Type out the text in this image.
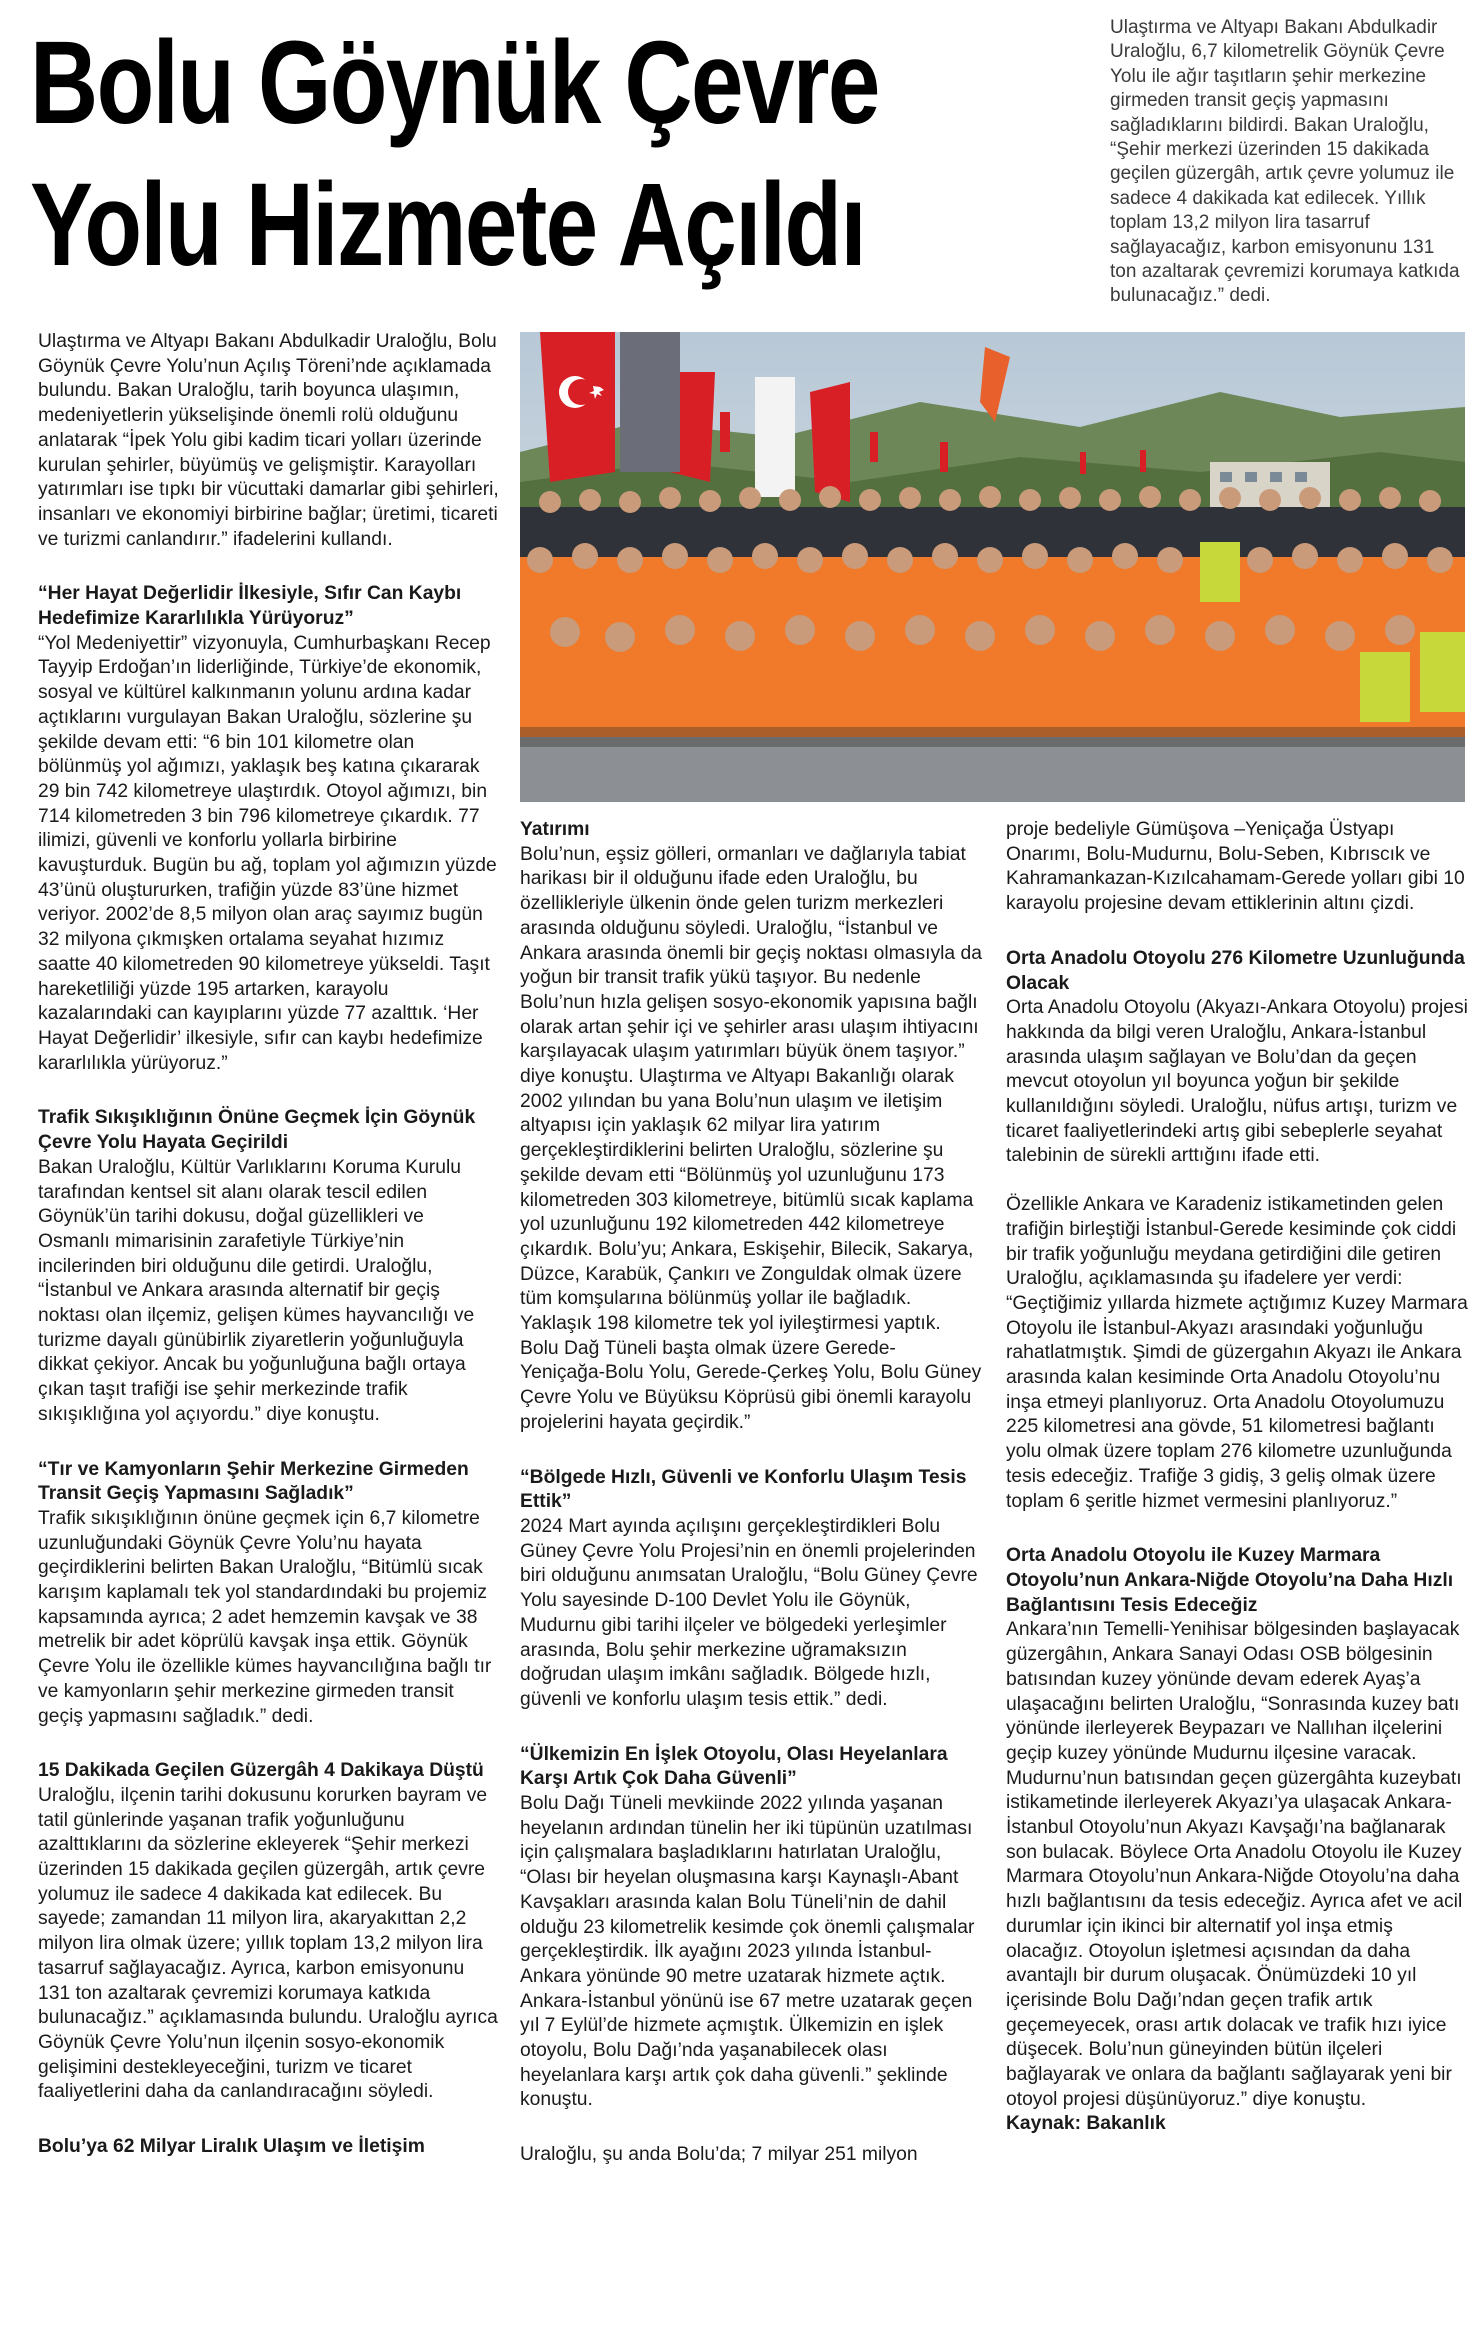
Bolu Göynük Çevre
Yolu Hizmete Açıldı
Ulaştırma ve Altyapı Bakanı Abdulkadir Uraloğlu, 6,7 kilometrelik Göynük Çevre Yolu ile ağır taşıtların şehir merkezine girmeden transit geçiş yapmasını sağladıklarını bildirdi. Bakan Uraloğlu, “Şehir merkezi üzerinden 15 dakikada geçilen güzergâh, artık çevre yolumuz ile sadece 4 dakikada kat edilecek. Yıllık toplam 13,2 milyon lira tasarruf sağlayacağız, karbon emisyonunu 131 ton azaltarak çevremizi korumaya katkıda bulunacağız.” dedi.

Ulaştırma ve Altyapı Bakanı Abdulkadir Uraloğlu, Bolu Göynük Çevre Yolu’nun Açılış Töreni’nde açıklamada bulundu. Bakan Uraloğlu, tarih boyunca ulaşımın, medeniyetlerin yükselişinde önemli rolü olduğunu anlatarak “İpek Yolu gibi kadim ticari yolları üzerinde kurulan şehirler, büyümüş ve gelişmiştir. Karayolları yatırımları ise tıpkı bir vücuttaki damarlar gibi şehirleri, insanları ve ekonomiyi birbirine bağlar; üretimi, ticareti ve turizmi canlandırır.” ifadelerini kullandı.

“Her Hayat Değerlidir İlkesiyle, Sıfır Can Kaybı Hedefimize Kararlılıkla Yürüyoruz”

“Yol Medeniyettir” vizyonuyla, Cumhurbaşkanı Recep Tayyip Erdoğan’ın liderliğinde, Türkiye’de ekonomik, sosyal ve kültürel kalkınmanın yolunu ardına kadar açtıklarını vurgulayan Bakan Uraloğlu, sözlerine şu şekilde devam etti: “6 bin 101 kilometre olan bölünmüş yol ağımızı, yaklaşık beş katına çıkararak 29 bin 742 kilometreye ulaştırdık. Otoyol ağımızı, bin 714 kilometreden 3 bin 796 kilometreye çıkardık. 77 ilimizi, güvenli ve konforlu yollarla birbirine kavuşturduk. Bugün bu ağ, toplam yol ağımızın yüzde 43’ünü oluştururken, trafiğin yüzde 83’üne hizmet veriyor. 2002’de 8,5 milyon olan araç sayımız bugün 32 milyona çıkmışken ortalama seyahat hızımız saatte 40 kilometreden 90 kilometreye yükseldi. Taşıt hareketliliği yüzde 195 artarken, karayolu kazalarındaki can kayıplarını yüzde 77 azalttık. ‘Her Hayat Değerlidir’ ilkesiyle, sıfır can kaybı hedefimize kararlılıkla yürüyoruz.”

Trafik Sıkışıklığının Önüne Geçmek İçin Göynük Çevre Yolu Hayata Geçirildi

Bakan Uraloğlu, Kültür Varlıklarını Koruma Kurulu tarafından kentsel sit alanı olarak tescil edilen Göynük’ün tarihi dokusu, doğal güzellikleri ve Osmanlı mimarisinin zarafetiyle Türkiye’nin incilerinden biri olduğunu dile getirdi. Uraloğlu, “İstanbul ve Ankara arasında alternatif bir geçiş noktası olan ilçemiz, gelişen kümes hayvancılığı ve turizme dayalı günübirlik ziyaretlerin yoğunluğuyla dikkat çekiyor. Ancak bu yoğunluğuna bağlı ortaya çıkan taşıt trafiği ise şehir merkezinde trafik sıkışıklığına yol açıyordu.” diye konuştu.

“Tır ve Kamyonların Şehir Merkezine Girmeden Transit Geçiş Yapmasını Sağladık”

Trafik sıkışıklığının önüne geçmek için 6,7 kilometre uzunluğundaki Göynük Çevre Yolu’nu hayata geçirdiklerini belirten Bakan Uraloğlu, “Bitümlü sıcak karışım kaplamalı tek yol standardındaki bu projemiz kapsamında ayrıca; 2 adet hemzemin kavşak ve 38 metrelik bir adet köprülü kavşak inşa ettik. Göynük Çevre Yolu ile özellikle kümes hayvancılığına bağlı tır ve kamyonların şehir merkezine girmeden transit geçiş yapmasını sağladık.” dedi.

15 Dakikada Geçilen Güzergâh 4 Dakikaya Düştü

Uraloğlu, ilçenin tarihi dokusunu korurken bayram ve tatil günlerinde yaşanan trafik yoğunluğunu azalttıklarını da sözlerine ekleyerek “Şehir merkezi üzerinden 15 dakikada geçilen güzergâh, artık çevre yolumuz ile sadece 4 dakikada kat edilecek. Bu sayede; zamandan 11 milyon lira, akaryakıttan 2,2 milyon lira olmak üzere; yıllık toplam 13,2 milyon lira tasarruf sağlayacağız. Ayrıca, karbon emisyonunu 131 ton azaltarak çevremizi korumaya katkıda bulunacağız.” açıklamasında bulundu. Uraloğlu ayrıca Göynük Çevre Yolu’nun ilçenin sosyo-ekonomik gelişimini destekleyeceğini, turizm ve ticaret faaliyetlerini daha da canlandıracağını söyledi.

Bolu’ya 62 Milyar Liralık Ulaşım ve İletişim

Yatırımı

Bolu’nun, eşsiz gölleri, ormanları ve dağlarıyla tabiat harikası bir il olduğunu ifade eden Uraloğlu, bu özellikleriyle ülkenin önde gelen turizm merkezleri arasında olduğunu söyledi. Uraloğlu, “İstanbul ve Ankara arasında önemli bir geçiş noktası olmasıyla da yoğun bir transit trafik yükü taşıyor. Bu nedenle Bolu’nun hızla gelişen sosyo-ekonomik yapısına bağlı olarak artan şehir içi ve şehirler arası ulaşım ihtiyacını karşılayacak ulaşım yatırımları büyük önem taşıyor.” diye konuştu. Ulaştırma ve Altyapı Bakanlığı olarak 2002 yılından bu yana Bolu’nun ulaşım ve iletişim altyapısı için yaklaşık 62 milyar lira yatırım gerçekleştirdiklerini belirten Uraloğlu, sözlerine şu şekilde devam etti “Bölünmüş yol uzunluğunu 173 kilometreden 303 kilometreye, bitümlü sıcak kaplama yol uzunluğunu 192 kilometreden 442 kilometreye çıkardık. Bolu’yu; Ankara, Eskişehir, Bilecik, Sakarya, Düzce, Karabük, Çankırı ve Zonguldak olmak üzere tüm komşularına bölünmüş yollar ile bağladık. Yaklaşık 198 kilometre tek yol iyileştirmesi yaptık. Bolu Dağ Tüneli başta olmak üzere Gerede- Yeniçağa-Bolu Yolu, Gerede-Çerkeş Yolu, Bolu Güney Çevre Yolu ve Büyüksu Köprüsü gibi önemli karayolu projelerini hayata geçirdik.”

“Bölgede Hızlı, Güvenli ve Konforlu Ulaşım Tesis Ettik”

2024 Mart ayında açılışını gerçekleştirdikleri Bolu Güney Çevre Yolu Projesi’nin en önemli projelerinden biri olduğunu anımsatan Uraloğlu, “Bolu Güney Çevre Yolu sayesinde D-100 Devlet Yolu ile Göynük, Mudurnu gibi tarihi ilçeler ve bölgedeki yerleşimler arasında, Bolu şehir merkezine uğramaksızın doğrudan ulaşım imkânı sağladık. Bölgede hızlı, güvenli ve konforlu ulaşım tesis ettik.” dedi.

“Ülkemizin En İşlek Otoyolu, Olası Heyelanlara Karşı Artık Çok Daha Güvenli”

Bolu Dağı Tüneli mevkiinde 2022 yılında yaşanan heyelanın ardından tünelin her iki tüpünün uzatılması için çalışmalara başladıklarını hatırlatan Uraloğlu, “Olası bir heyelan oluşmasına karşı Kaynaşlı-Abant Kavşakları arasında kalan Bolu Tüneli’nin de dahil olduğu 23 kilometrelik kesimde çok önemli çalışmalar gerçekleştirdik. İlk ayağını 2023 yılında İstanbul-Ankara yönünde 90 metre uzatarak hizmete açtık. Ankara-İstanbul yönünü ise 67 metre uzatarak geçen yıl 7 Eylül’de hizmete açmıştık. Ülkemizin en işlek otoyolu, Bolu Dağı’nda yaşanabilecek olası heyelanlara karşı artık çok daha güvenli.” şeklinde konuştu.

Uraloğlu, şu anda Bolu’da; 7 milyar 251 milyon

proje bedeliyle Gümüşova –Yeniçağa Üstyapı Onarımı, Bolu-Mudurnu, Bolu-Seben, Kıbrıscık ve Kahramankazan-Kızılcahamam-Gerede yolları gibi 10 karayolu projesine devam ettiklerinin altını çizdi.

Orta Anadolu Otoyolu 276 Kilometre Uzunluğunda Olacak

Orta Anadolu Otoyolu (Akyazı-Ankara Otoyolu) projesi hakkında da bilgi veren Uraloğlu, Ankara-İstanbul arasında ulaşım sağlayan ve Bolu’dan da geçen mevcut otoyolun yıl boyunca yoğun bir şekilde kullanıldığını söyledi. Uraloğlu, nüfus artışı, turizm ve ticaret faaliyetlerindeki artış gibi sebeplerle seyahat talebinin de sürekli arttığını ifade etti.

Özellikle Ankara ve Karadeniz istikametinden gelen trafiğin birleştiği İstanbul-Gerede kesiminde çok ciddi bir trafik yoğunluğu meydana getirdiğini dile getiren Uraloğlu, açıklamasında şu ifadelere yer verdi: “Geçtiğimiz yıllarda hizmete açtığımız Kuzey Marmara Otoyolu ile İstanbul-Akyazı arasındaki yoğunluğu rahatlatmıştık. Şimdi de güzergahın Akyazı ile Ankara arasında kalan kesiminde Orta Anadolu Otoyolu’nu inşa etmeyi planlıyoruz. Orta Anadolu Otoyolumuzu 225 kilometresi ana gövde, 51 kilometresi bağlantı yolu olmak üzere toplam 276 kilometre uzunluğunda tesis edeceğiz. Trafiğe 3 gidiş, 3 geliş olmak üzere toplam 6 şeritle hizmet vermesini planlıyoruz.”

Orta Anadolu Otoyolu ile Kuzey Marmara Otoyolu’nun Ankara-Niğde Otoyolu’na Daha Hızlı Bağlantısını Tesis Edeceğiz

Ankara’nın Temelli-Yenihisar bölgesinden başlayacak güzergâhın, Ankara Sanayi Odası OSB bölgesinin batısından kuzey yönünde devam ederek Ayaş’a ulaşacağını belirten Uraloğlu, “Sonrasında kuzey batı yönünde ilerleyerek Beypazarı ve Nallıhan ilçelerini geçip kuzey yönünde Mudurnu ilçesine varacak. Mudurnu’nun batısından geçen güzergâhta kuzeybatı istikametinde ilerleyerek Akyazı’ya ulaşacak Ankara-İstanbul Otoyolu’nun Akyazı Kavşağı’na bağlanarak son bulacak. Böylece Orta Anadolu Otoyolu ile Kuzey Marmara Otoyolu’nun Ankara-Niğde Otoyolu’na daha hızlı bağlantısını da tesis edeceğiz. Ayrıca afet ve acil durumlar için ikinci bir alternatif yol inşa etmiş olacağız. Otoyolun işletmesi açısından da daha avantajlı bir durum oluşacak. Önümüzdeki 10 yıl içerisinde Bolu Dağı’ndan geçen trafik artık geçemeyecek, orası artık dolacak ve trafik hızı iyice düşecek. Bolu’nun güneyinden bütün ilçeleri bağlayarak ve onlara da bağlantı sağlayarak yeni bir otoyol projesi düşünüyoruz.” diye konuştu.

Kaynak: Bakanlık
